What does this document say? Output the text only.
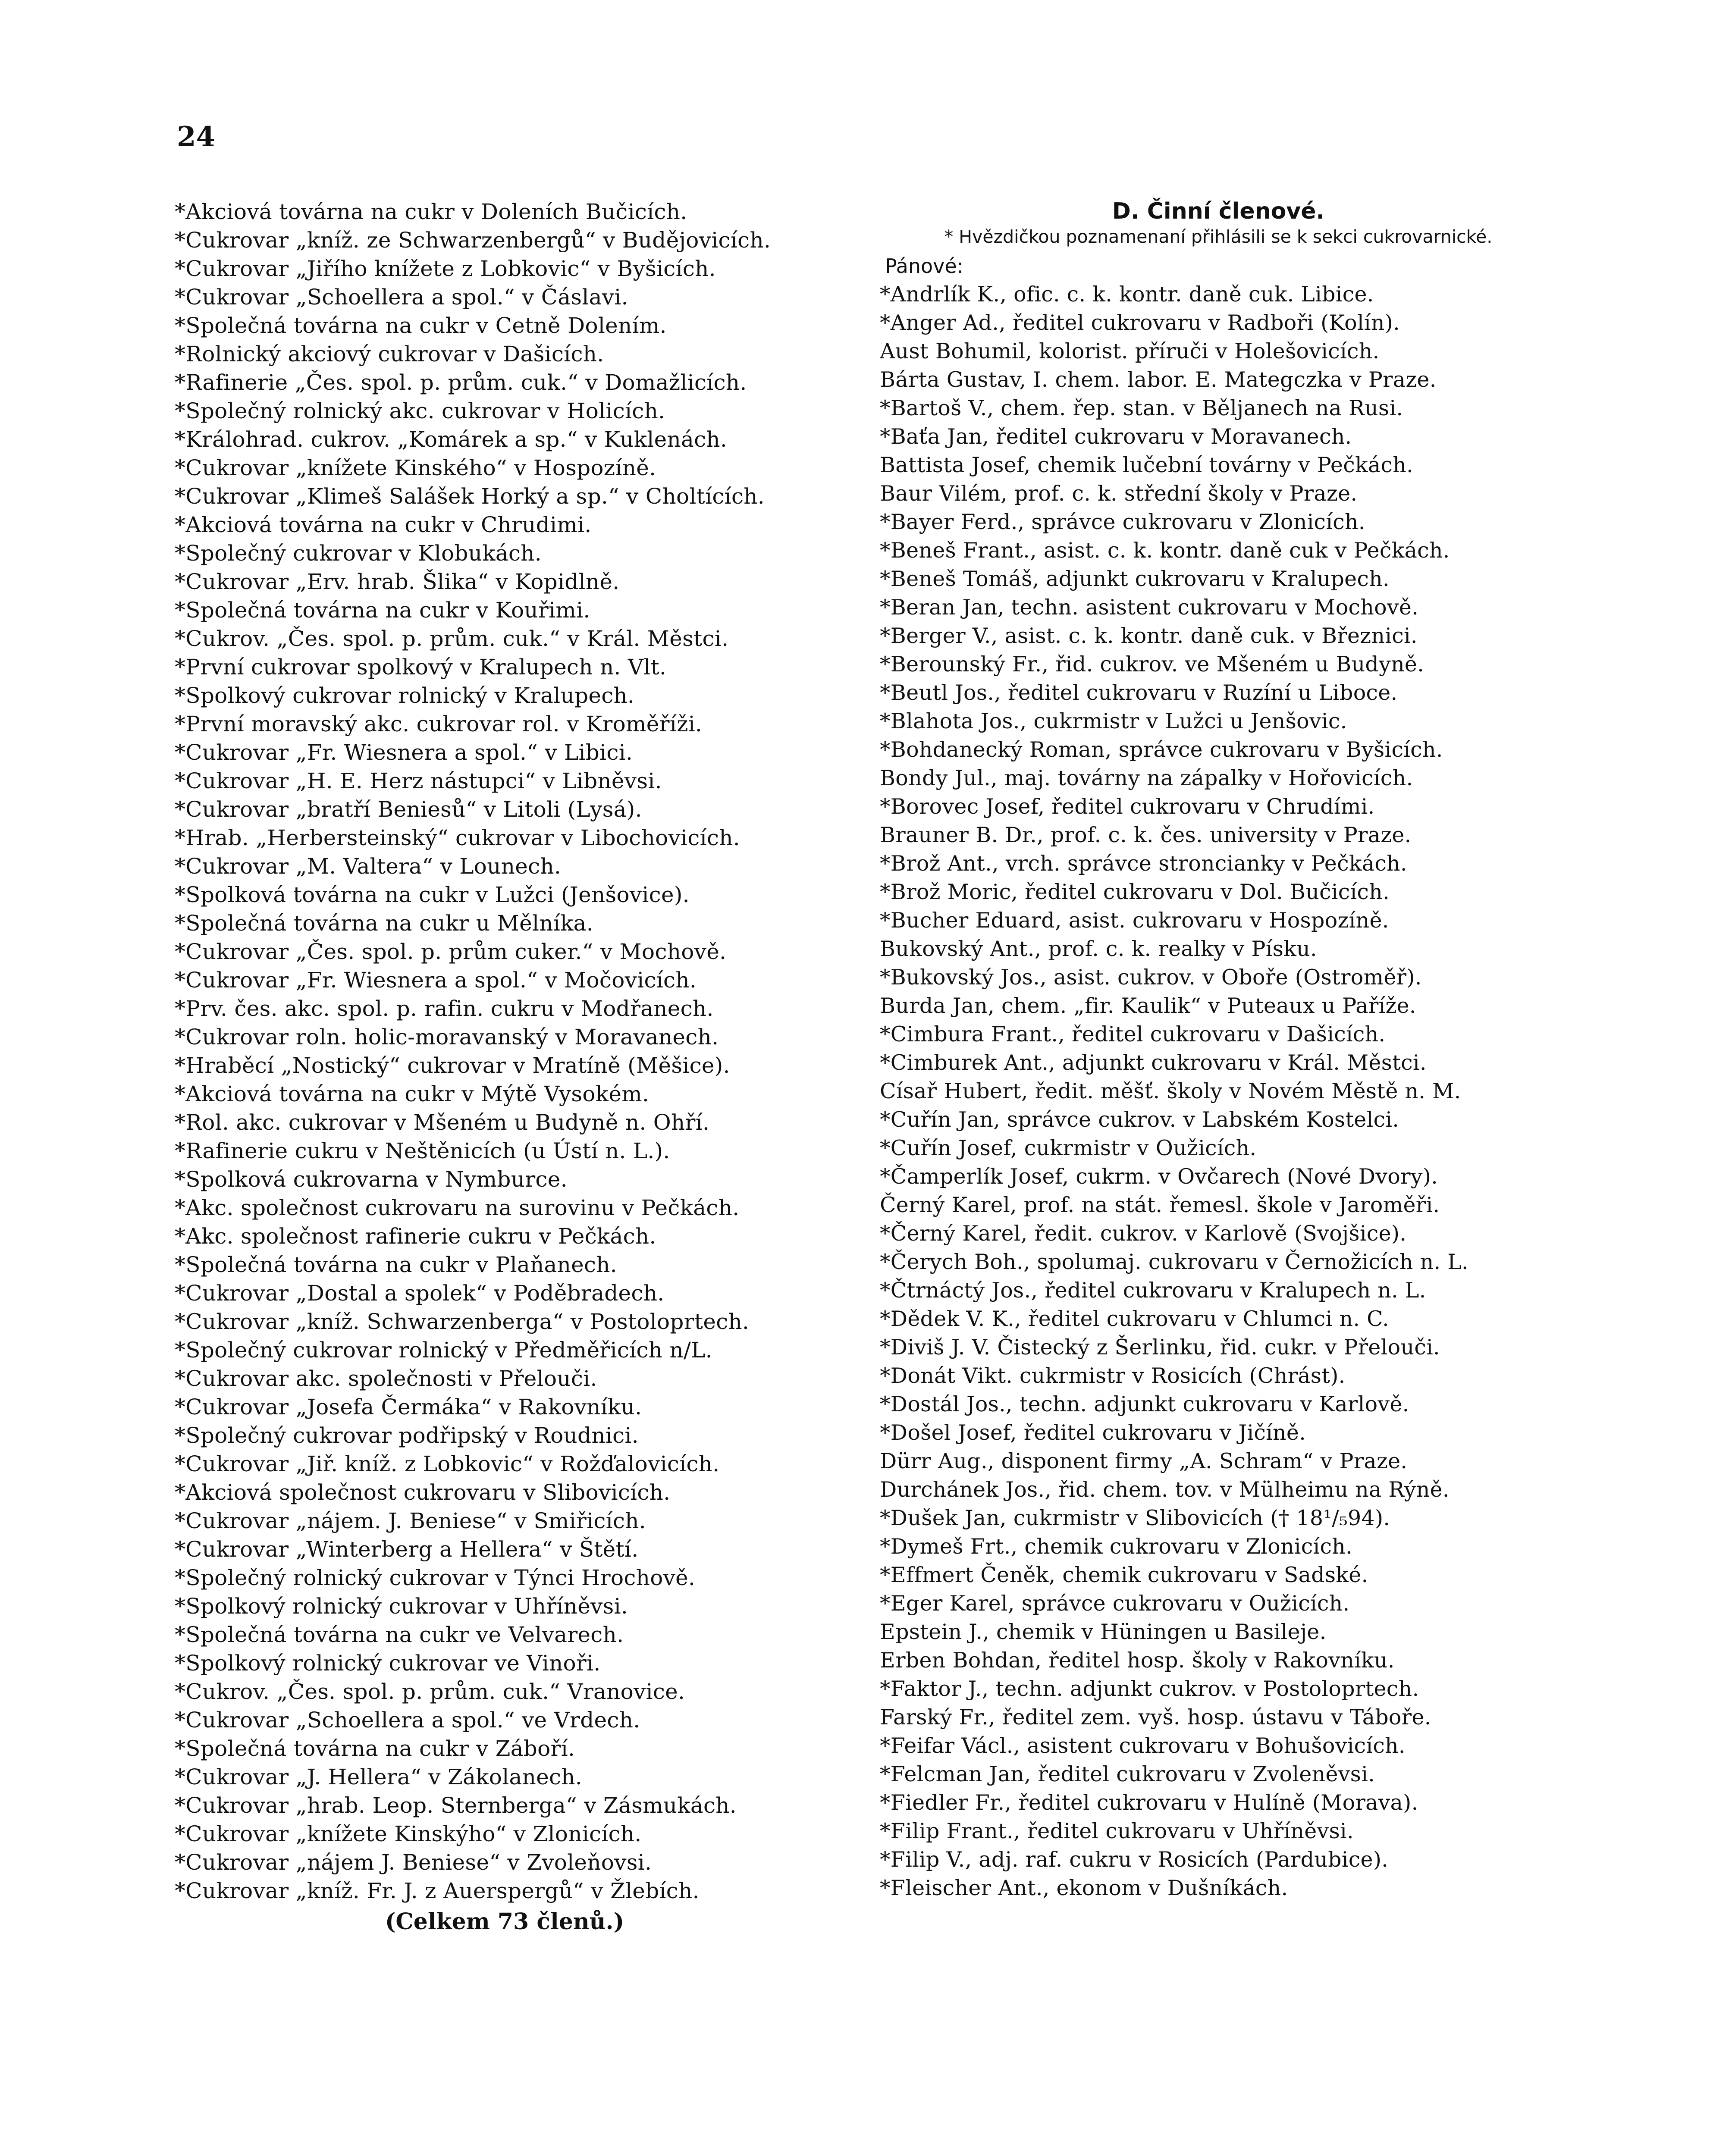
24
*Akciová továrna na cukr v Doleních Bučicích.
*Cukrovar „kníž. ze Schwarzenbergů“ v Budějovicích.
*Cukrovar „Jiřího knížete z Lobkovic“ v Byšicích.
*Cukrovar „Schoellera a spol.“ v Čáslavi.
*Společná továrna na cukr v Cetně Dolením.
*Rolnický akciový cukrovar v Dašicích.
*Rafinerie „Čes. spol. p. prům. cuk.“ v Domažlicích.
*Společný rolnický akc. cukrovar v Holicích.
*Králohrad. cukrov. „Komárek a sp.“ v Kuklenách.
*Cukrovar „knížete Kinského“ v Hospozíně.
*Cukrovar „Klimeš Salášek Horký a sp.“ v Choltících.
*Akciová továrna na cukr v Chrudimi.
*Společný cukrovar v Klobukách.
*Cukrovar „Erv. hrab. Šlika“ v Kopidlně.
*Společná továrna na cukr v Kouřimi.
*Cukrov. „Čes. spol. p. prům. cuk.“ v Král. Městci.
*První cukrovar spolkový v Kralupech n. Vlt.
*Spolkový cukrovar rolnický v Kralupech.
*První moravský akc. cukrovar rol. v Kroměříži.
*Cukrovar „Fr. Wiesnera a spol.“ v Libici.
*Cukrovar „H. E. Herz nástupci“ v Libněvsi.
*Cukrovar „bratří Beniesů“ v Litoli (Lysá).
*Hrab. „Herbersteinský“ cukrovar v Libochovicích.
*Cukrovar „M. Valtera“ v Lounech.
*Spolková továrna na cukr v Lužci (Jenšovice).
*Společná továrna na cukr u Mělníka.
*Cukrovar „Čes. spol. p. prům cuker.“ v Mochově.
*Cukrovar „Fr. Wiesnera a spol.“ v Močovicích.
*Prv. čes. akc. spol. p. rafin. cukru v Modřanech.
*Cukrovar roln. holic-moravanský v Moravanech.
*Hraběcí „Nostický“ cukrovar v Mratíně (Měšice).
*Akciová továrna na cukr v Mýtě Vysokém.
*Rol. akc. cukrovar v Mšeném u Budyně n. Ohří.
*Rafinerie cukru v Neštěnicích (u Ústí n. L.).
*Spolková cukrovarna v Nymburce.
*Akc. společnost cukrovaru na surovinu v Pečkách.
*Akc. společnost rafinerie cukru v Pečkách.
*Společná továrna na cukr v Plaňanech.
*Cukrovar „Dostal a spolek“ v Poděbradech.
*Cukrovar „kníž. Schwarzenberga“ v Postoloprtech.
*Společný cukrovar rolnický v Předměřicích n/L.
*Cukrovar akc. společnosti v Přelouči.
*Cukrovar „Josefa Čermáka“ v Rakovníku.
*Společný cukrovar podřipský v Roudnici.
*Cukrovar „Jiř. kníž. z Lobkovic“ v Rožďalovicích.
*Akciová společnost cukrovaru v Slibovicích.
*Cukrovar „nájem. J. Beniese“ v Smiřicích.
*Cukrovar „Winterberg a Hellera“ v Štětí.
*Společný rolnický cukrovar v Týnci Hrochově.
*Spolkový rolnický cukrovar v Uhříněvsi.
*Společná továrna na cukr ve Velvarech.
*Spolkový rolnický cukrovar ve Vinoři.
*Cukrov. „Čes. spol. p. prům. cuk.“ Vranovice.
*Cukrovar „Schoellera a spol.“ ve Vrdech.
*Společná továrna na cukr v Záboří.
*Cukrovar „J. Hellera“ v Zákolanech.
*Cukrovar „hrab. Leop. Sternberga“ v Zásmukách.
*Cukrovar „knížete Kinskýho“ v Zlonicích.
*Cukrovar „nájem J. Beniese“ v Zvoleňovsi.
*Cukrovar „kníž. Fr. J. z Auerspergů“ v Žlebích.
(Celkem 73 členů.)
D. Činní členové.
* Hvězdičkou poznamenaní přihlásili se k sekci cukrovarnické.
Pánové:
*Andrlík K., ofic. c. k. kontr. daně cuk. Libice.
*Anger Ad., ředitel cukrovaru v Radboři (Kolín).
Aust Bohumil, kolorist. příruči v Holešovicích.
Bárta Gustav, I. chem. labor. E. Mategczka v Praze.
*Bartoš V., chem. řep. stan. v Běljanech na Rusi.
*Baťa Jan, ředitel cukrovaru v Moravanech.
Battista Josef, chemik lučební továrny v Pečkách.
Baur Vilém, prof. c. k. střední školy v Praze.
*Bayer Ferd., správce cukrovaru v Zlonicích.
*Beneš Frant., asist. c. k. kontr. daně cuk v Pečkách.
*Beneš Tomáš, adjunkt cukrovaru v Kralupech.
*Beran Jan, techn. asistent cukrovaru v Mochově.
*Berger V., asist. c. k. kontr. daně cuk. v Březnici.
*Berounský Fr., řid. cukrov. ve Mšeném u Budyně.
*Beutl Jos., ředitel cukrovaru v Ruzíní u Liboce.
*Blahota Jos., cukrmistr v Lužci u Jenšovic.
*Bohdanecký Roman, správce cukrovaru v Byšicích.
Bondy Jul., maj. továrny na zápalky v Hořovicích.
*Borovec Josef, ředitel cukrovaru v Chrudími.
Brauner B. Dr., prof. c. k. čes. university v Praze.
*Brož Ant., vrch. správce stroncianky v Pečkách.
*Brož Moric, ředitel cukrovaru v Dol. Bučicích.
*Bucher Eduard, asist. cukrovaru v Hospozíně.
Bukovský Ant., prof. c. k. realky v Písku.
*Bukovský Jos., asist. cukrov. v Oboře (Ostroměř).
Burda Jan, chem. „fir. Kaulik“ v Puteaux u Paříže.
*Cimbura Frant., ředitel cukrovaru v Dašicích.
*Cimburek Ant., adjunkt cukrovaru v Král. Městci.
Císař Hubert, ředit. měšť. školy v Novém Městě n. M.
*Cuřín Jan, správce cukrov. v Labském Kostelci.
*Cuřín Josef, cukrmistr v Oužicích.
*Čamperlík Josef, cukrm. v Ovčarech (Nové Dvory).
Černý Karel, prof. na stát. řemesl. škole v Jaroměři.
*Černý Karel, ředit. cukrov. v Karlově (Svojšice).
*Čerych Boh., spolumaj. cukrovaru v Černožicích n. L.
*Čtrnáctý Jos., ředitel cukrovaru v Kralupech n. L.
*Dědek V. K., ředitel cukrovaru v Chlumci n. C.
*Diviš J. V. Čistecký z Šerlinku, řid. cukr. v Přelouči.
*Donát Vikt. cukrmistr v Rosicích (Chrást).
*Dostál Jos., techn. adjunkt cukrovaru v Karlově.
*Došel Josef, ředitel cukrovaru v Jičíně.
Dürr Aug., disponent firmy „A. Schram“ v Praze.
Durchánek Jos., řid. chem. tov. v Mülheimu na Rýně.
*Dušek Jan, cukrmistr v Slibovicích († 18¹/₅94).
*Dymeš Frt., chemik cukrovaru v Zlonicích.
*Effmert Čeněk, chemik cukrovaru v Sadské.
*Eger Karel, správce cukrovaru v Oužicích.
Epstein J., chemik v Hüningen u Basileje.
Erben Bohdan, ředitel hosp. školy v Rakovníku.
*Faktor J., techn. adjunkt cukrov. v Postoloprtech.
Farský Fr., ředitel zem. vyš. hosp. ústavu v Táboře.
*Feifar Václ., asistent cukrovaru v Bohušovicích.
*Felcman Jan, ředitel cukrovaru v Zvoleněvsi.
*Fiedler Fr., ředitel cukrovaru v Hulíně (Morava).
*Filip Frant., ředitel cukrovaru v Uhříněvsi.
*Filip V., adj. raf. cukru v Rosicích (Pardubice).
*Fleischer Ant., ekonom v Dušníkách.
